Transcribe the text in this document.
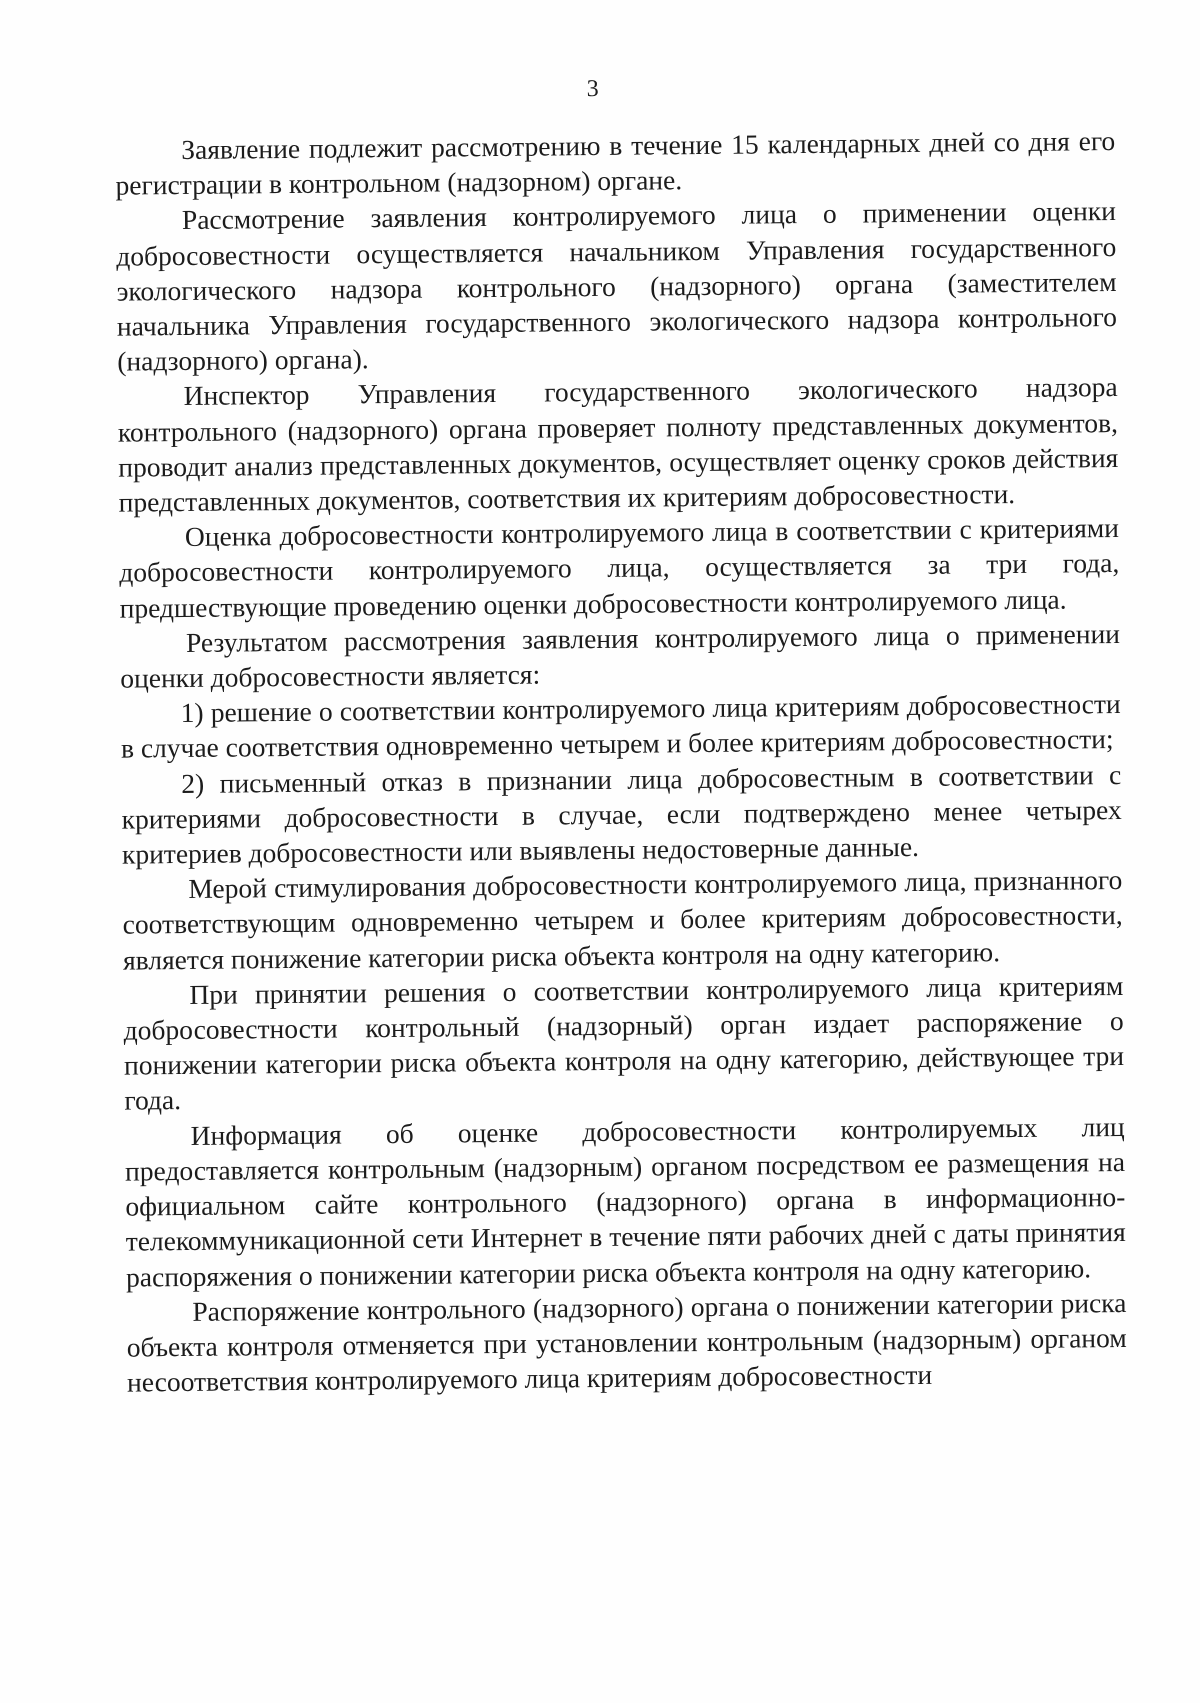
3

Заявление подлежит рассмотрению в течение 15 календарных дней со дня его регистрации в контрольном (надзорном) органе.

Рассмотрение заявления контролируемого лица о применении оценки добросовестности осуществляется начальником Управления государственного экологического надзора контрольного (надзорного) органа (заместителем начальника Управления государственного экологического надзора контрольного (надзорного) органа).

Инспектор Управления государственного экологического надзора контрольного (надзорного) органа проверяет полноту представленных документов, проводит анализ представленных документов, осуществляет оценку сроков действия представленных документов, соответствия их критериям добросовестности.

Оценка добросовестности контролируемого лица в соответствии с критериями добросовестности контролируемого лица, осуществляется за три года, предшествующие проведению оценки добросовестности контролируемого лица.

Результатом рассмотрения заявления контролируемого лица о применении оценки добросовестности является:

1) решение о соответствии контролируемого лица критериям добросовестности в случае соответствия одновременно четырем и более критериям добросовестности;

2) письменный отказ в признании лица добросовестным в соответствии с критериями добросовестности в случае, если подтверждено менее четырех критериев добросовестности или выявлены недостоверные данные.

Мерой стимулирования добросовестности контролируемого лица, признанного соответствующим одновременно четырем и более критериям добросовестности, является понижение категории риска объекта контроля на одну категорию.

При принятии решения о соответствии контролируемого лица критериям добросовестности контрольный (надзорный) орган издает распоряжение о понижении категории риска объекта контроля на одну категорию, действующее три года.

Информация об оценке добросовестности контролируемых лиц предоставляется контрольным (надзорным) органом посредством ее размещения на официальном сайте контрольного (надзорного) органа в информационно-телекоммуникационной сети Интернет в течение пяти рабочих дней с даты принятия распоряжения о понижении категории риска объекта контроля на одну категорию.

Распоряжение контрольного (надзорного) органа о понижении категории риска объекта контроля отменяется при установлении контрольным (надзорным) органом несоответствия контролируемого лица критериям добросовестности
